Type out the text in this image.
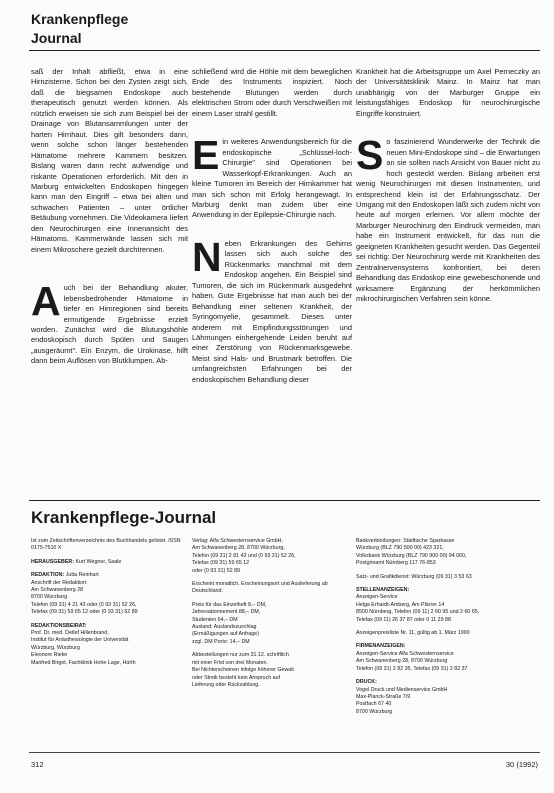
Krankenpflege
Journal

saß der Inhalt abfließt, etwa in eine Hirnzisterne. Schon bei den Zysten zeigt sich, daß die biegsamen Endoskope auch therapeutisch genutzt werden können. Als nützlich erweisen sie sich zum Beispiel bei der Drainage von Blutansammlungen unter der harten Hirnhaut. Dies gilt besonders dann, wenn solche schon länger bestehenden Hämatome mehrere Kammern besitzen. Bislang waren dann recht aufwendige und riskante Operationen erforderlich. Mit den in Marburg entwickelten Endoskopen hingegen kann man den Eingriff – etwa bei alten und schwachen Patienten – unter örtlicher Betäubung vornehmen. Die Videokamera liefert den Neurochirurgen eine Innenansicht des Hämatoms. Kammerwände lassen sich mit einem Mikroschere gezielt durchtrennen.

Auch bei der Behandlung akuter, lebensbedrohender Hämatome in tiefer en Hirnregionen sind bereits ermutigende Ergebnisse erzielt worden. Zunächst wird die Blutungshöhle endoskopisch durch Spülen und Saugen „ausgeräumt". Ein Enzym, die Urokinase, hilft dann beim Auflösen von Blutklumpen. Ab-

schließend wird die Höhle mit dem beweglichen Ende des Instruments inspiziert. Noch bestehende Blutungen werden durch elektrischen Strom oder durch Verschweißen mit einem Laser strahl gestillt.

Ein weiteres Anwendungsbereich für die endoskopische „Schlüssel-loch-Chirurgie" sind Operationen bei Wasserkopf-Erkrankungen. Auch an kleine Tumoren im Bereich der Hirnkammer hat man sich schon mit Erfolg herangewagt. In Marburg denkt man zudem über eine Anwendung in der Epilepsie-Chirurgie nach.

Neben Erkrankungen des Gehirns lassen sich auch solche des Rückenmarks manchmal mit dem Endoskop angehen. Ein Beispiel sind Tumoren, die sich im Rückenmark ausgedehnt haben. Gute Ergebnisse hat man auch bei der Behandlung einer seltenen Krankheit, der Syringomyelie, gesammelt. Dieses unter anderem mit Empfindungsstörungen und Lähmungen einhergehende Leiden beruht auf einer Zerstörung von Rückenmarksgewebe. Meist sind Hals- und Brustmark betroffen. Die umfangreichsten Erfahrungen bei der endoskopischen Behandlung dieser

Krankheit hat die Arbeitsgruppe um Axel Perneczky an der Universitätsklinik Mainz. In Mainz hat man unabhängig von der Marburger Gruppe ein leistungsfähiges Endoskop für neurochirurgische Eingriffe konstruiert.

So faszinierend Wunderwerke der Technik die neuen Mini-Endoskope sind – die Erwartungen an sie sollten nach Ansicht von Bauer nicht zu hoch gesteckt werden. Bislang arbeiten erst wenig Neurochirurgen mit diesen Instrumenten, und entsprechend klein ist der Erfahrungsschatz. Der Umgang mit den Endoskopen läßt sich zudem nicht von heute auf morgen erlernen. Vor allem möchte der Marburger Neurochirurg den Eindruck vermeiden, man habe ein Instrument entwickelt, für das nun die geeigneten Krankheiten gesucht werden. Das Gegenteil sei richtig: Der Neurochirurg werde mit Krankheiten des Zentralnervensystems konfrontiert, bei deren Behandlung das Endoskop eine gewebeschonende und wirksamere Ergänzung der herkömmlichen mikrochirurgischen Verfahren sein könne.

Krankenpflege-Journal

Ist zum Zeitschriftenverzeichnis des Buchhandels gelistet. ISSN 0175-7510 X

HERAUSGEBER: Kurt Wegner, Saale

REDAKTION: Jutta Reinhart

Anschrift der Redaktion:

Am Schwanenberg 28

8700 Würzburg

Telefon (09 31) 4 21 43 oder (0 93 31) 52 26,

Telefax (09 31) 59 65 12 oder (0 93 31) 52 89

REDAKTIONSBEIRAT:

Prof. Dr. med. Detlef Hillenbrand,

Institut für Anästhesiologie der Universität

Würzburg, Würzburg

Eleonore Rieke

Manfred Birget, Fachklinik Hohe Lage, Hürth

Verlag: Alfa Schwesternservice GmbH,

Am Schwanenberg 28, 8700 Würzburg,

Telefon (09 31) 2 81 43 und (0 93 31) 52 26,

Telefax (09 31) 59 65 12

oder (0 93 31) 52 89

Erscheint monatlich. Erscheinungsort und Auslieferung ab Deutschland.

Preis für das Einzelheft 8,– DM,

Jahresabonnement 88,– DM,

Studenten 64,– DM

Ausland: Auslandszuschlag

(Ermäßigungen auf Anfrage)

zzgl. DM Porto: 14,– DM

Abbestellungen nur zum 31.12. schriftlich

mit einer Frist von drei Monaten.

Bei Nichterscheinen infolge höherer Gewalt

oder Streik besteht kein Anspruch auf

Lieferung oder Rückzahlung.

Bankverbindungen: Städtische Sparkasse

Würzburg (BLZ 790 500 00) 423 321,

Volksbank Würzburg (BLZ 790 900 00) 94 000,

Postgiroamt Nürnberg 117 76-853

Satz- und Grafikdienst: Würzburg (09 31) 3 53 63

STELLENANZEIGEN:

Anzeigen-Service

Helga Erhardt-Amberg, Am Plärrer 14

8500 Nürnberg, Telefon (09 11) 2 60 95 und 2 60 65,

Telefax (09 11) 26 37 87 oder 0 11 29 88

Anzeigenpreisliste Nr. 11, gültig ab 1. März 1990

FIRMENANZEIGEN:

Anzeigen-Service Alfa Schwesternservice

Am Schwanenberg 28, 8700 Würzburg

Telefon (09 31) 2 82 35, Telefax (09 31) 2 82 37

DRUCK:

Vogel Druck und Medienservice GmbH

Max-Planck-Straße 7/9

Postfach 67 40

8700 Würzburg

312	30 (1992)
